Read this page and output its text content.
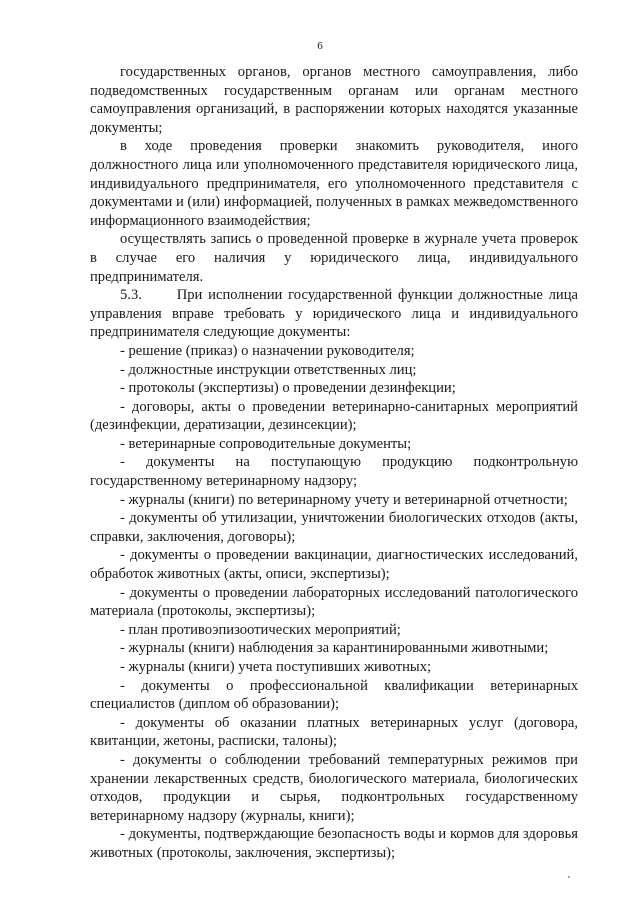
6

государственных органов, органов местного самоуправления, либо подведомственных государственным органам или органам местного самоуправления организаций, в распоряжении которых находятся указанные документы;

в ходе проведения проверки знакомить руководителя, иного должностного лица или уполномоченного представителя юридического лица, индивидуального предпринимателя, его уполномоченного представителя с документами и (или) информацией, полученных в рамках межведомственного информационного взаимодействия;

осуществлять запись о проведенной проверке в журнале учета проверок в случае его наличия у юридического лица, индивидуального предпринимателя.

5.3.      При исполнении государственной функции должностные лица управления вправе требовать у юридического лица и индивидуального предпринимателя следующие документы:

- решение (приказ) о назначении руководителя;

- должностные инструкции ответственных лиц;

- протоколы (экспертизы) о проведении дезинфекции;

- договоры, акты о проведении ветеринарно-санитарных мероприятий (дезинфекции, дератизации, дезинсекции);

- ветеринарные сопроводительные документы;

- документы на поступающую продукцию подконтрольную государственному ветеринарному надзору;

- журналы (книги) по ветеринарному учету и ветеринарной отчетности;

- документы об утилизации, уничтожении биологических отходов (акты, справки, заключения, договоры);

- документы о проведении вакцинации, диагностических исследований, обработок животных (акты, описи, экспертизы);

- документы о проведении лабораторных исследований патологического материала (протоколы, экспертизы);

- план противоэпизоотических мероприятий;

- журналы (книги) наблюдения за карантинированными животными;

- журналы (книги) учета поступивших животных;

- документы о профессиональной квалификации ветеринарных специалистов (диплом об образовании);

- документы об оказании платных ветеринарных услуг (договора, квитанции, жетоны, расписки, талоны);

- документы о соблюдении требований температурных режимов при хранении лекарственных средств, биологического материала, биологических отходов, продукции и сырья, подконтрольных государственному ветеринарному надзору (журналы, книги);

- документы, подтверждающие безопасность воды и кормов для здоровья животных (протоколы, заключения, экспертизы);
